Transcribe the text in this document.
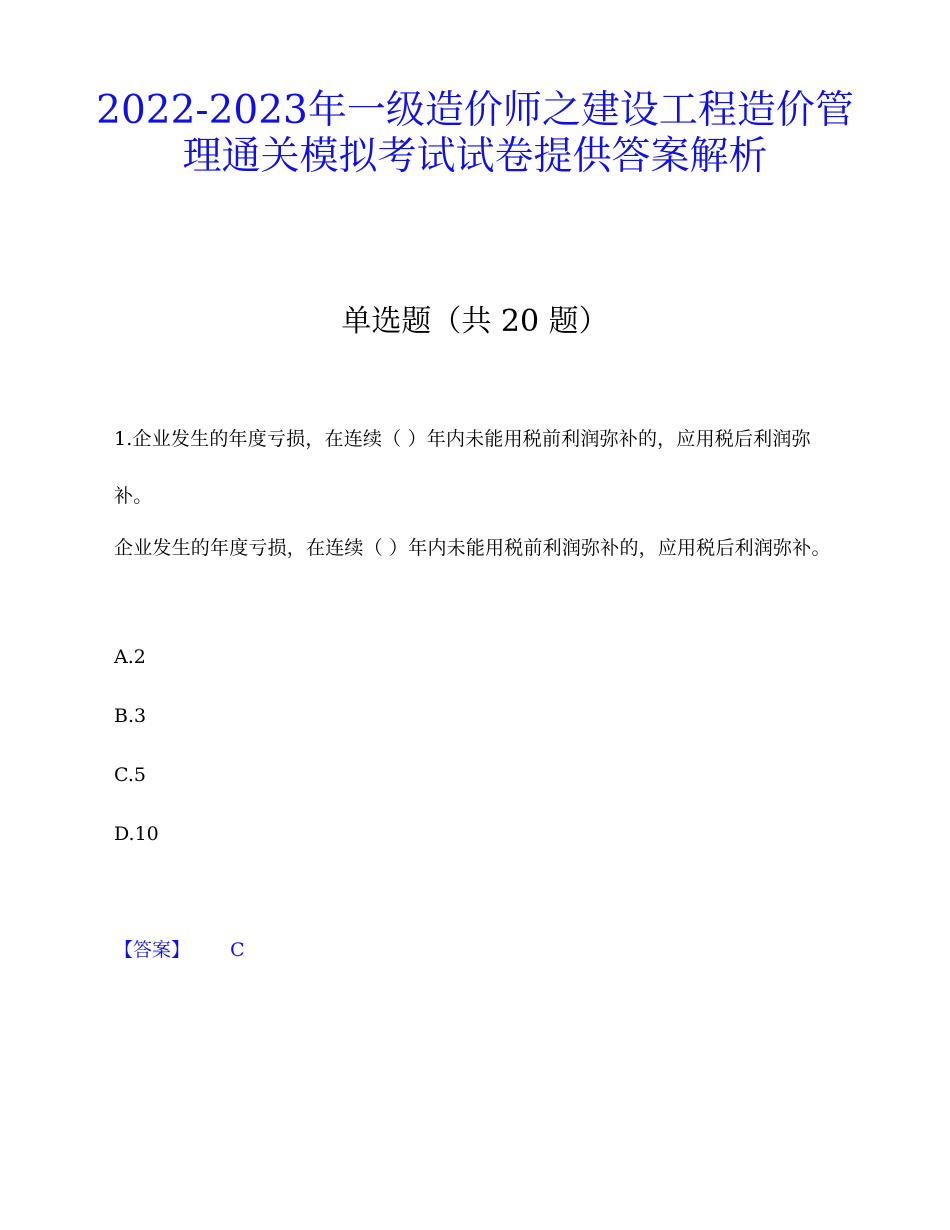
2022-2023年一级造价师之建设工程造价管理通关模拟考试试卷提供答案解析
单选题（共 20 题）

1.企业发生的年度亏损，在连续（ ）年内未能用税前利润弥补的，应用税后利润弥补。

企业发生的年度亏损，在连续（ ）年内未能用税前利润弥补的，应用税后利润弥补。

A.2

B.3

C.5

D.10

【答案】 C
